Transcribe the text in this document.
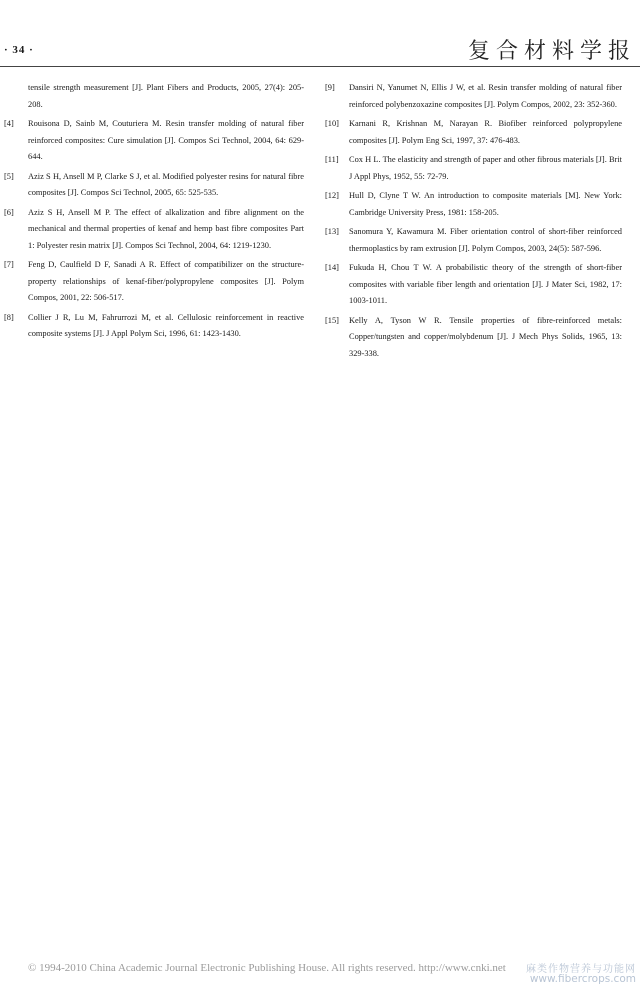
· 34 ·	复合材料学报
tensile strength measurement [J]. Plant Fibers and Products, 2005, 27(4): 205-208.
[4]	Rouisona D, Sainb M, Couturiera M. Resin transfer molding of natural fiber reinforced composites: Cure simulation [J]. Compos Sci Technol, 2004, 64: 629-644.
[5]	Aziz S H, Ansell M P, Clarke S J, et al. Modified polyester resins for natural fibre composites [J]. Compos Sci Technol, 2005, 65: 525-535.
[6]	Aziz S H, Ansell M P. The effect of alkalization and fibre alignment on the mechanical and thermal properties of kenaf and hemp bast fibre composites Part 1: Polyester resin matrix [J]. Compos Sci Technol, 2004, 64: 1219-1230.
[7]	Feng D, Caulfield D F, Sanadi A R. Effect of compatibilizer on the structure-property relationships of kenaf-fiber/polypropylene composites [J]. Polym Compos, 2001, 22: 506-517.
[8]	Collier J R, Lu M, Fahrurrozi M, et al. Cellulosic reinforcement in reactive composite systems [J]. J Appl Polym Sci, 1996, 61: 1423-1430.
[9]	Dansiri N, Yanumet N, Ellis J W, et al. Resin transfer molding of natural fiber reinforced polybenzoxazine composites [J]. Polym Compos, 2002, 23: 352-360.
[10]	Karnani R, Krishnan M, Narayan R. Biofiber reinforced polypropylene composites [J]. Polym Eng Sci, 1997, 37: 476-483.
[11]	Cox H L. The elasticity and strength of paper and other fibrous materials [J]. Brit J Appl Phys, 1952, 55: 72-79.
[12]	Hull D, Clyne T W. An introduction to composite materials [M]. New York: Cambridge University Press, 1981: 158-205.
[13]	Sanomura Y, Kawamura M. Fiber orientation control of short-fiber reinforced thermoplastics by ram extrusion [J]. Polym Compos, 2003, 24(5): 587-596.
[14]	Fukuda H, Chou T W. A probabilistic theory of the strength of short-fiber composites with variable fiber length and orientation [J]. J Mater Sci, 1982, 17: 1003-1011.
[15]	Kelly A, Tyson W R. Tensile properties of fibre-reinforced metals: Copper/tungsten and copper/molybdenum [J]. J Mech Phys Solids, 1965, 13: 329-338.
© 1994-2010 China Academic Journal Electronic Publishing House. All rights reserved. http://www.cnki.net 麻类作物营养与功能网
www.fibercrops.com
